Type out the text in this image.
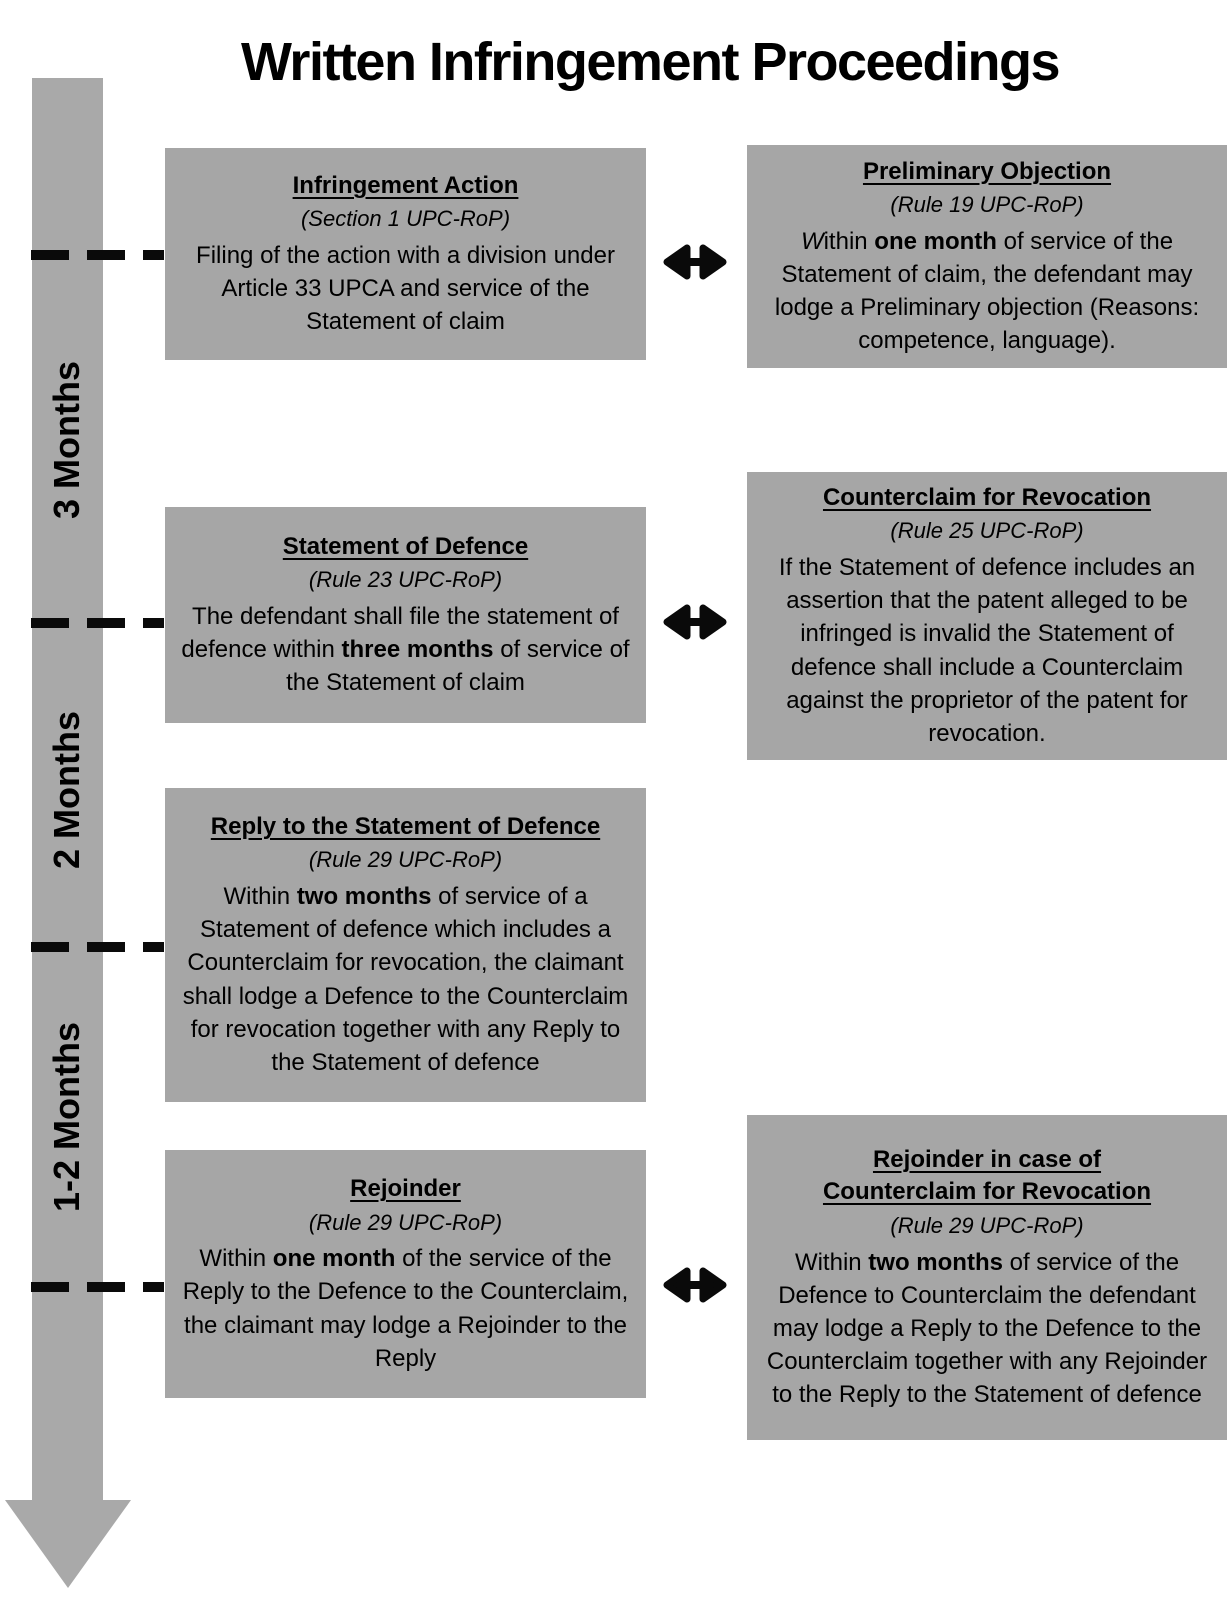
Written Infringement Proceedings
3 Months
2 Months
1-2 Months
Infringement Action
(Section 1 UPC-RoP)
Filing of the action with a division under Article 33 UPCA and service of the Statement of claim
Preliminary Objection
(Rule 19 UPC-RoP)
Within one month of service of the Statement of claim, the defendant may lodge a Preliminary objection (Reasons: competence, language).
Statement of Defence
(Rule 23 UPC-RoP)
The defendant shall file the statement of defence within three months of service of the Statement of claim
Counterclaim for Revocation
(Rule 25 UPC-RoP)
If the Statement of defence includes an assertion that the patent alleged to be infringed is invalid the Statement of defence shall include a Counterclaim against the proprietor of the patent for revocation.
Reply to the Statement of Defence
(Rule 29 UPC-RoP)
Within two months of service of a Statement of defence which includes a Counterclaim for revocation, the claimant shall lodge a Defence to the Counterclaim for revocation together with any Reply to the Statement of defence
Rejoinder
(Rule 29 UPC-RoP)
Within one month of the service of the Reply to the Defence to the Counterclaim, the claimant may lodge a Rejoinder to the Reply
Rejoinder in case of
Counterclaim for Revocation
(Rule 29 UPC-RoP)
Within two months of service of the Defence to Counterclaim the defendant may lodge a Reply to the Defence to the Counterclaim together with any Rejoinder to the Reply to the Statement of defence
